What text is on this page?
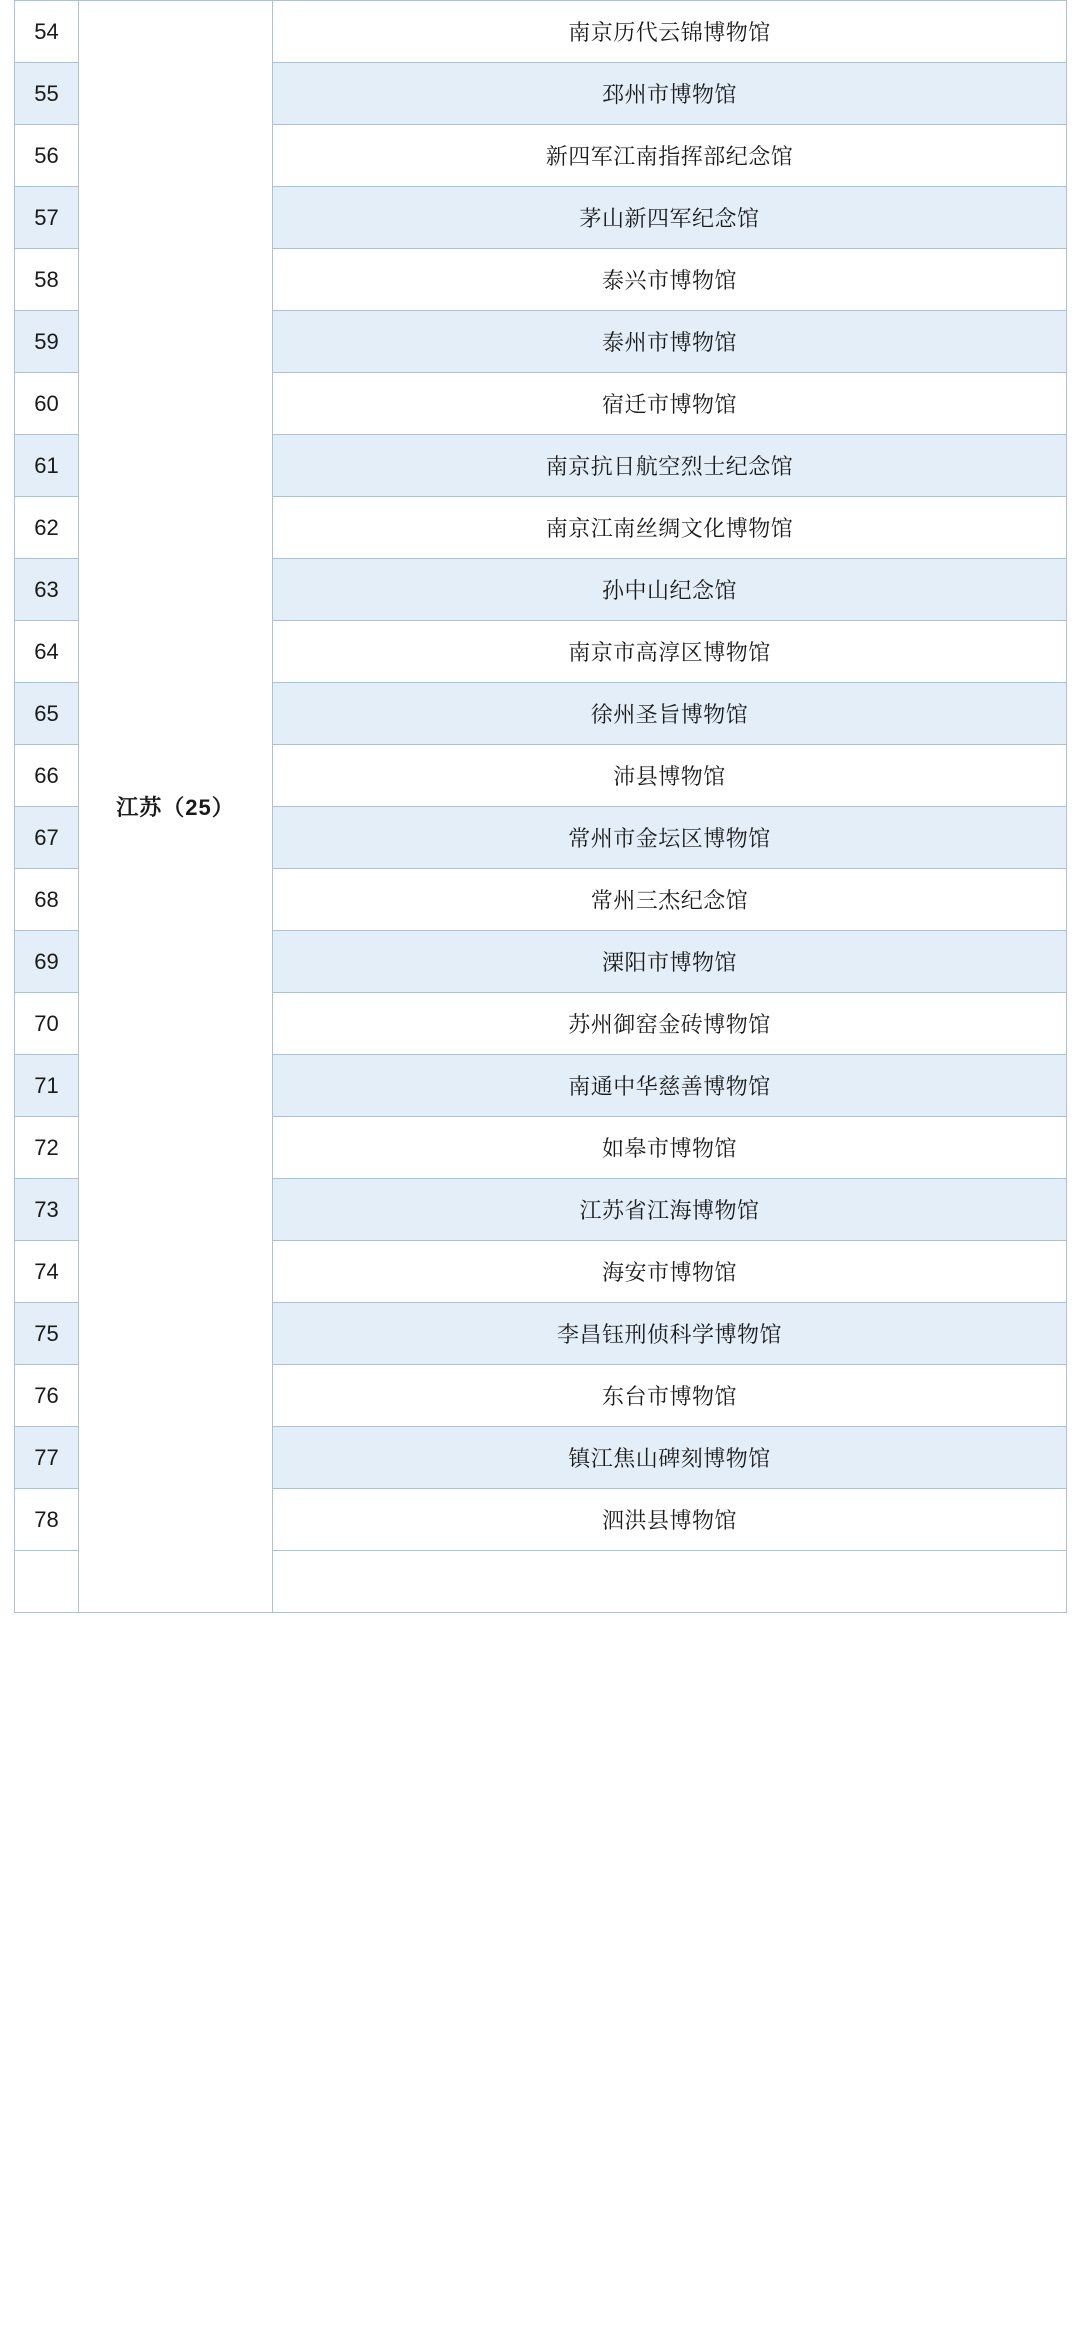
54	江苏（25）	南京历代云锦博物馆
55		邳州市博物馆
56		新四军江南指挥部纪念馆
57		茅山新四军纪念馆
58		泰兴市博物馆
59		泰州市博物馆
60		宿迁市博物馆
61		南京抗日航空烈士纪念馆
62		南京江南丝绸文化博物馆
63		孙中山纪念馆
64		南京市高淳区博物馆
65		徐州圣旨博物馆
66		沛县博物馆
67		常州市金坛区博物馆
68		常州三杰纪念馆
69		溧阳市博物馆
70		苏州御窑金砖博物馆
71		南通中华慈善博物馆
72		如皋市博物馆
73		江苏省江海博物馆
74		海安市博物馆
75		李昌钰刑侦科学博物馆
76		东台市博物馆
77		镇江焦山碑刻博物馆
78		泗洪县博物馆
